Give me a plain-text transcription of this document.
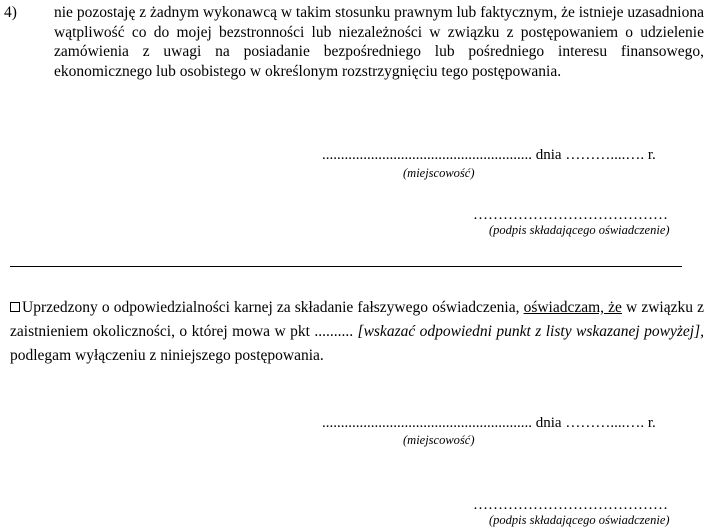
4) nie pozostaję z żadnym wykonawcą w takim stosunku prawnym lub faktycznym, że istnieje uzasadniona wątpliwość co do mojej bezstronności lub niezależności w związku z postępowaniem o udzielenie zamówienia z uwagi na posiadanie bezpośredniego lub pośredniego interesu finansowego, ekonomicznego lub osobistego w określonym rozstrzygnięciu tego postępowania.
........................................................ dnia ………....…. r.
(miejscowość)
…………………………………
(podpis składającego oświadczenie)
Uprzedzony o odpowiedzialności karnej za składanie fałszywego oświadczenia, oświadczam, że w związku z zaistnieniem okoliczności, o której mowa w pkt .......... [wskazać odpowiedni punkt z listy wskazanej powyżej], podlegam wyłączeniu z niniejszego postępowania.
........................................................ dnia ………....…. r.
(miejscowość)
…………………………………
(podpis składającego oświadczenie)
